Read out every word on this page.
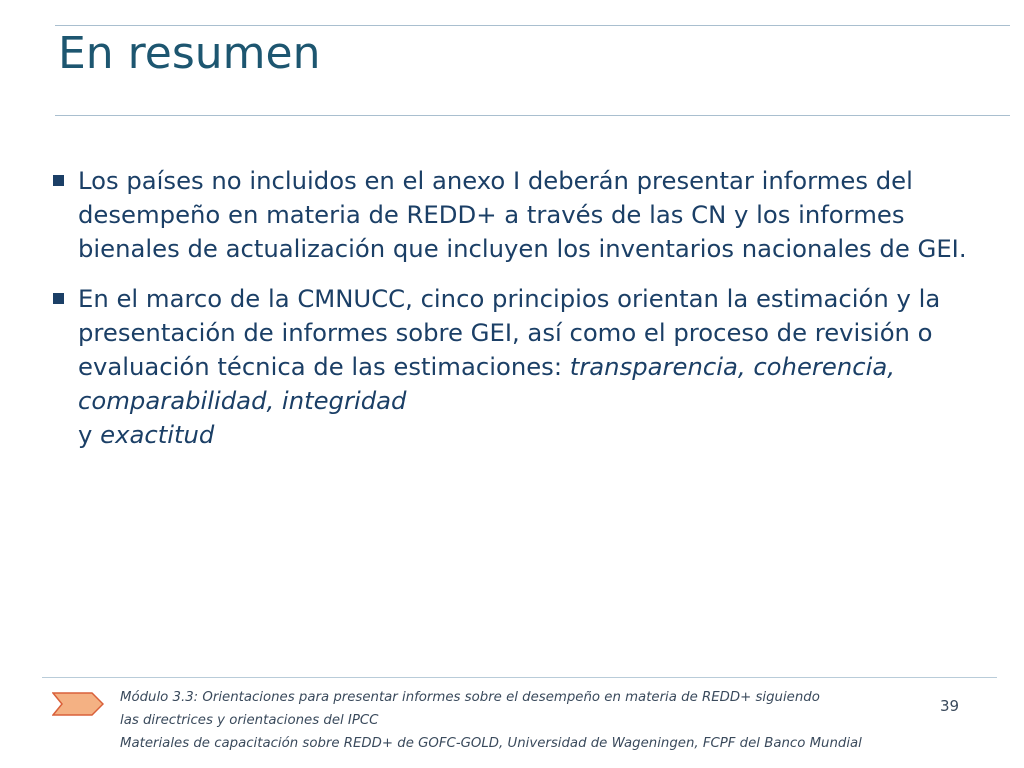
En resumen
Los países no incluidos en el anexo I deberán presentar informes del desempeño en materia de REDD+ a través de las CN y los informes bienales de actualización que incluyen los inventarios nacionales de GEI.
En el marco de la CMNUCC, cinco principios orientan la estimación y la presentación de informes sobre GEI, así como el proceso de revisión o evaluación técnica de las estimaciones: transparencia, coherencia, comparabilidad, integridad
y exactitud
Módulo 3.3: Orientaciones para presentar informes sobre el desempeño en materia de REDD+ siguiendo
las directrices y orientaciones del IPCC
Materiales de capacitación sobre REDD+ de GOFC-GOLD, Universidad de Wageningen, FCPF del Banco Mundial
39
